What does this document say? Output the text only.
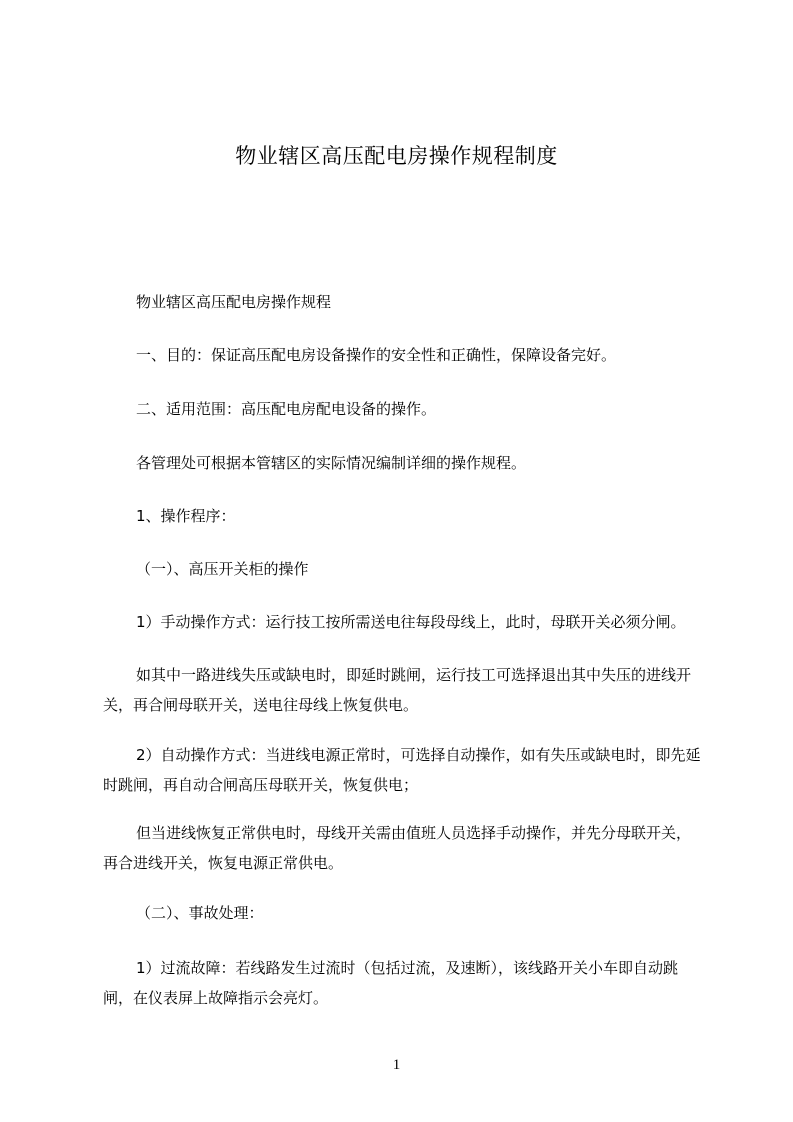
物业辖区高压配电房操作规程制度

物业辖区高压配电房操作规程

一、目的：保证高压配电房设备操作的安全性和正确性，保障设备完好。

二、适用范围：高压配电房配电设备的操作。

各管理处可根据本管辖区的实际情况编制详细的操作规程。

1、操作程序：

（一）、高压开关柜的操作

1）手动操作方式：运行技工按所需送电往每段母线上，此时，母联开关必须分闸。

如其中一路进线失压或缺电时，即延时跳闸，运行技工可选择退出其中失压的进线开关，再合闸母联开关，送电往母线上恢复供电。

2）自动操作方式：当进线电源正常时，可选择自动操作，如有失压或缺电时，即先延时跳闸，再自动合闸高压母联开关，恢复供电；

但当进线恢复正常供电时，母线开关需由值班人员选择手动操作，并先分母联开关，再合进线开关，恢复电源正常供电。

（二）、事故处理：

1）过流故障：若线路发生过流时（包括过流，及速断），该线路开关小车即自动跳闸，在仪表屏上故障指示会亮灯。

1
